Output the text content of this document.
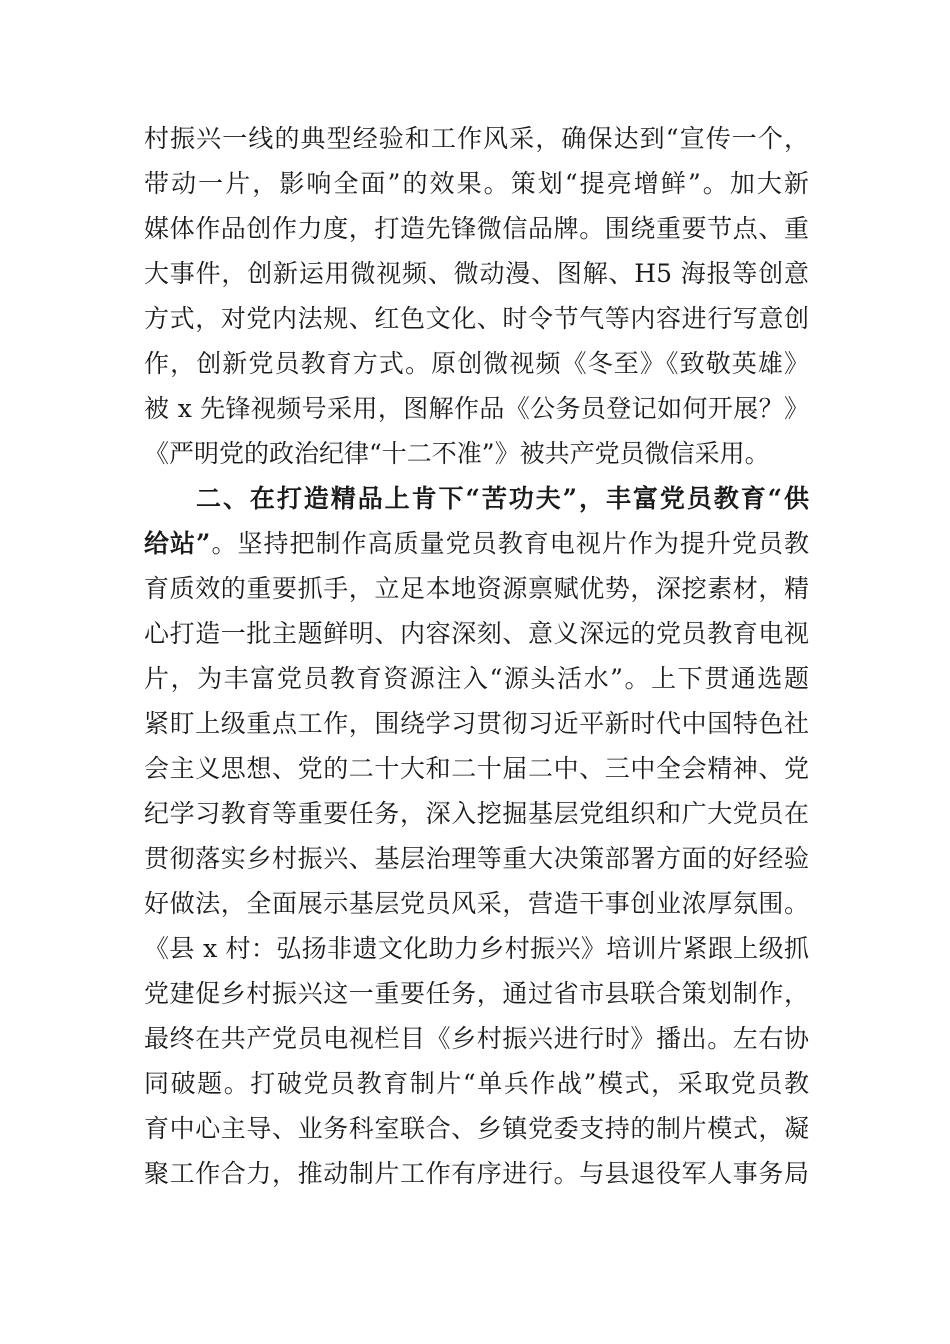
村振兴一线的典型经验和工作风采，确保达到“宣传一个，
带动一片，影响全面”的效果。策划“提亮增鲜”。加大新
媒体作品创作力度，打造先锋微信品牌。围绕重要节点、重
大事件，创新运用微视频、微动漫、图解、H5 海报等创意
方式，对党内法规、红色文化、时令节气等内容进行写意创
作，创新党员教育方式。原创微视频《冬至》《致敬英雄》
被 x 先锋视频号采用，图解作品《公务员登记如何开展？》
《严明党的政治纪律“十二不准”》被共产党员微信采用。
二、在打造精品上肯下“苦功夫”，丰富党员教育“供
给站”。坚持把制作高质量党员教育电视片作为提升党员教
育质效的重要抓手，立足本地资源禀赋优势，深挖素材，精
心打造一批主题鲜明、内容深刻、意义深远的党员教育电视
片，为丰富党员教育资源注入“源头活水”。上下贯通选题
紧盯上级重点工作，围绕学习贯彻习近平新时代中国特色社
会主义思想、党的二十大和二十届二中、三中全会精神、党
纪学习教育等重要任务，深入挖掘基层党组织和广大党员在
贯彻落实乡村振兴、基层治理等重大决策部署方面的好经验
好做法，全面展示基层党员风采，营造干事创业浓厚氛围。
《县 x 村：弘扬非遗文化助力乡村振兴》培训片紧跟上级抓
党建促乡村振兴这一重要任务，通过省市县联合策划制作，
最终在共产党员电视栏目《乡村振兴进行时》播出。左右协
同破题。打破党员教育制片“单兵作战”模式，采取党员教
育中心主导、业务科室联合、乡镇党委支持的制片模式，凝
聚工作合力，推动制片工作有序进行。与县退役军人事务局
